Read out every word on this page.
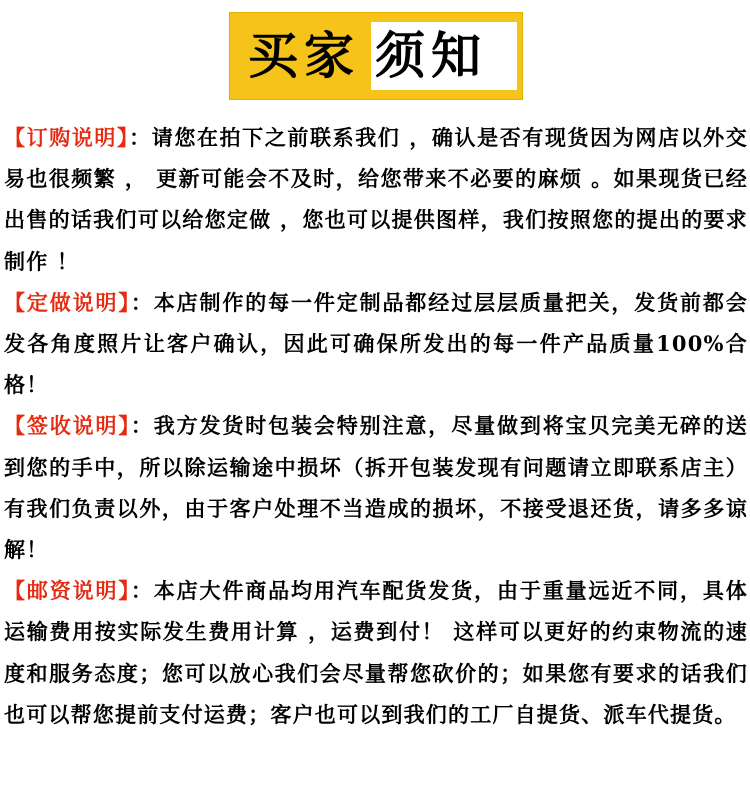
买家 须知

【订购说明】：请您在拍下之前联系我们 ，确认是否有现货因为网店以外交易也很频繁 ， 更新可能会不及时，给您带来不必要的麻烦 。如果现货已经出售的话我们可以给您定做 ，您也可以提供图样，我们按照您的提出的要求制作 ！

【定做说明】：本店制作的每一件定制品都经过层层质量把关，发货前都会发各角度照片让客户确认，因此可确保所发出的每一件产品质量100%合格！

【签收说明】：我方发货时包装会特别注意，尽量做到将宝贝完美无碎的送到您的手中，所以除运输途中损坏（拆开包装发现有问题请立即联系店主）有我们负责以外，由于客户处理不当造成的损坏，不接受退还货，请多多谅解！

【邮资说明】：本店大件商品均用汽车配货发货，由于重量远近不同，具体运输费用按实际发生费用计算 ，运费到付！ 这样可以更好的约束物流的速度和服务态度；您可以放心我们会尽量帮您砍价的；如果您有要求的话我们也可以帮您提前支付运费；客户也可以到我们的工厂自提货、派车代提货。
